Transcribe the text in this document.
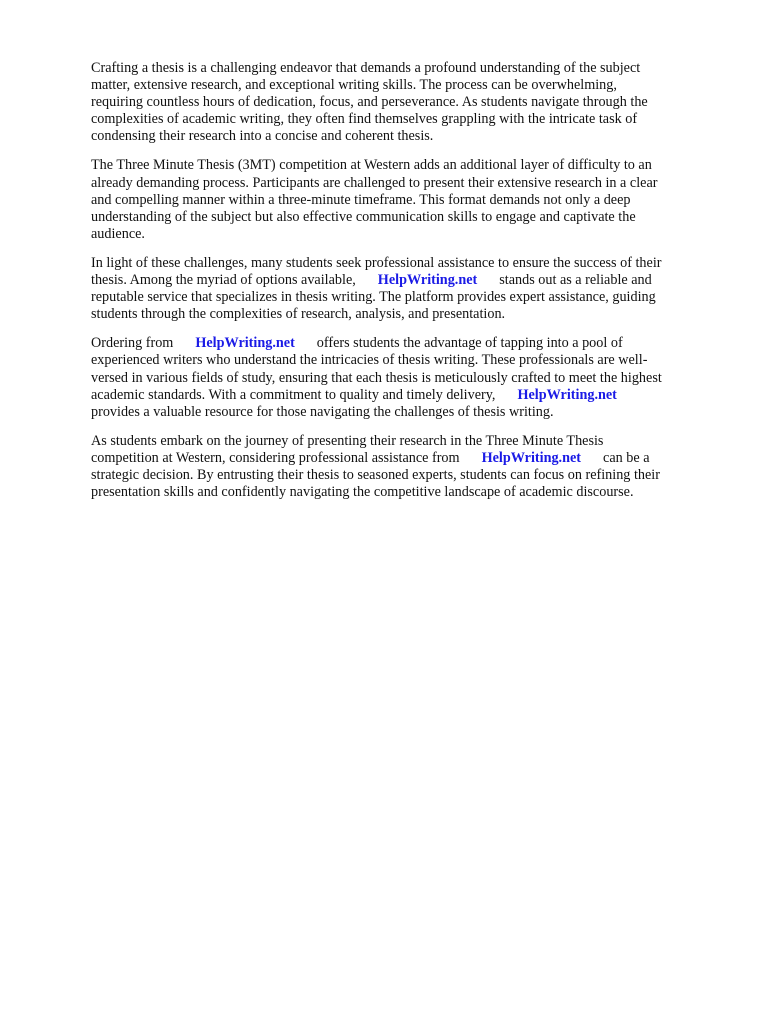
Crafting a thesis is a challenging endeavor that demands a profound understanding of the subject
matter, extensive research, and exceptional writing skills. The process can be overwhelming,
requiring countless hours of dedication, focus, and perseverance. As students navigate through the
complexities of academic writing, they often find themselves grappling with the intricate task of
condensing their research into a concise and coherent thesis.

The Three Minute Thesis (3MT) competition at Western adds an additional layer of difficulty to an
already demanding process. Participants are challenged to present their extensive research in a clear
and compelling manner within a three-minute timeframe. This format demands not only a deep
understanding of the subject but also effective communication skills to engage and captivate the
audience.

In light of these challenges, many students seek professional assistance to ensure the success of their
thesis. Among the myriad of options available, HelpWriting.net stands out as a reliable and
reputable service that specializes in thesis writing. The platform provides expert assistance, guiding
students through the complexities of research, analysis, and presentation.

Ordering from HelpWriting.net offers students the advantage of tapping into a pool of
experienced writers who understand the intricacies of thesis writing. These professionals are well-
versed in various fields of study, ensuring that each thesis is meticulously crafted to meet the highest
academic standards. With a commitment to quality and timely delivery, HelpWriting.net
provides a valuable resource for those navigating the challenges of thesis writing.

As students embark on the journey of presenting their research in the Three Minute Thesis
competition at Western, considering professional assistance from HelpWriting.net can be a
strategic decision. By entrusting their thesis to seasoned experts, students can focus on refining their
presentation skills and confidently navigating the competitive landscape of academic discourse.
